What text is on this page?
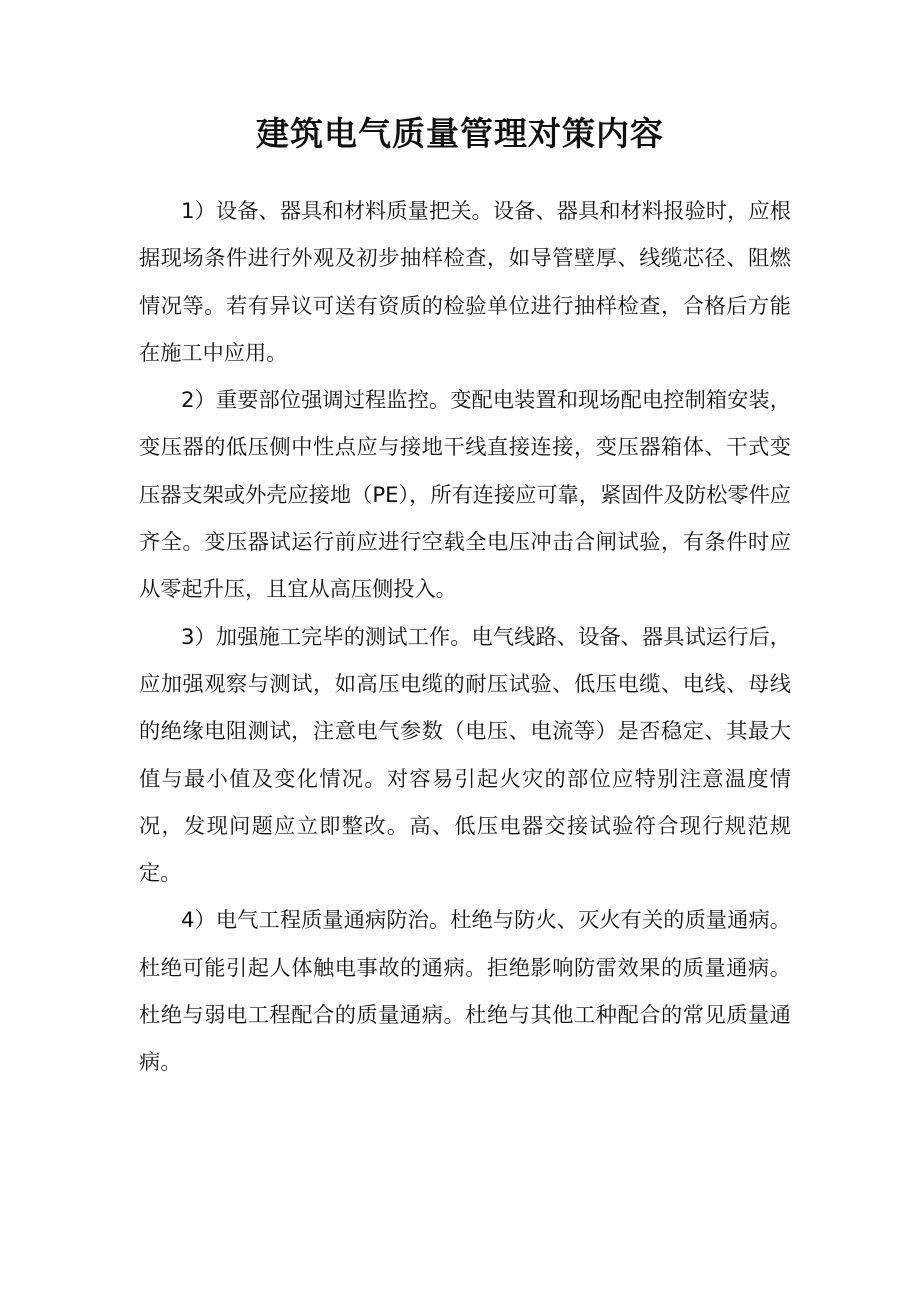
建筑电气质量管理对策内容

1）设备、器具和材料质量把关。设备、器具和材料报验时，应根据现场条件进行外观及初步抽样检查，如导管壁厚、线缆芯径、阻燃情况等。若有异议可送有资质的检验单位进行抽样检查，合格后方能在施工中应用。

2）重要部位强调过程监控。变配电装置和现场配电控制箱安装，变压器的低压侧中性点应与接地干线直接连接，变压器箱体、干式变压器支架或外壳应接地（PE），所有连接应可靠，紧固件及防松零件应齐全。变压器试运行前应进行空载全电压冲击合闸试验，有条件时应从零起升压，且宜从高压侧投入。

3）加强施工完毕的测试工作。电气线路、设备、器具试运行后，应加强观察与测试，如高压电缆的耐压试验、低压电缆、电线、母线的绝缘电阻测试，注意电气参数（电压、电流等）是否稳定、其最大值与最小值及变化情况。对容易引起火灾的部位应特别注意温度情况，发现问题应立即整改。高、低压电器交接试验符合现行规范规定。

4）电气工程质量通病防治。杜绝与防火、灭火有关的质量通病。杜绝可能引起人体触电事故的通病。拒绝影响防雷效果的质量通病。杜绝与弱电工程配合的质量通病。杜绝与其他工种配合的常见质量通病。
